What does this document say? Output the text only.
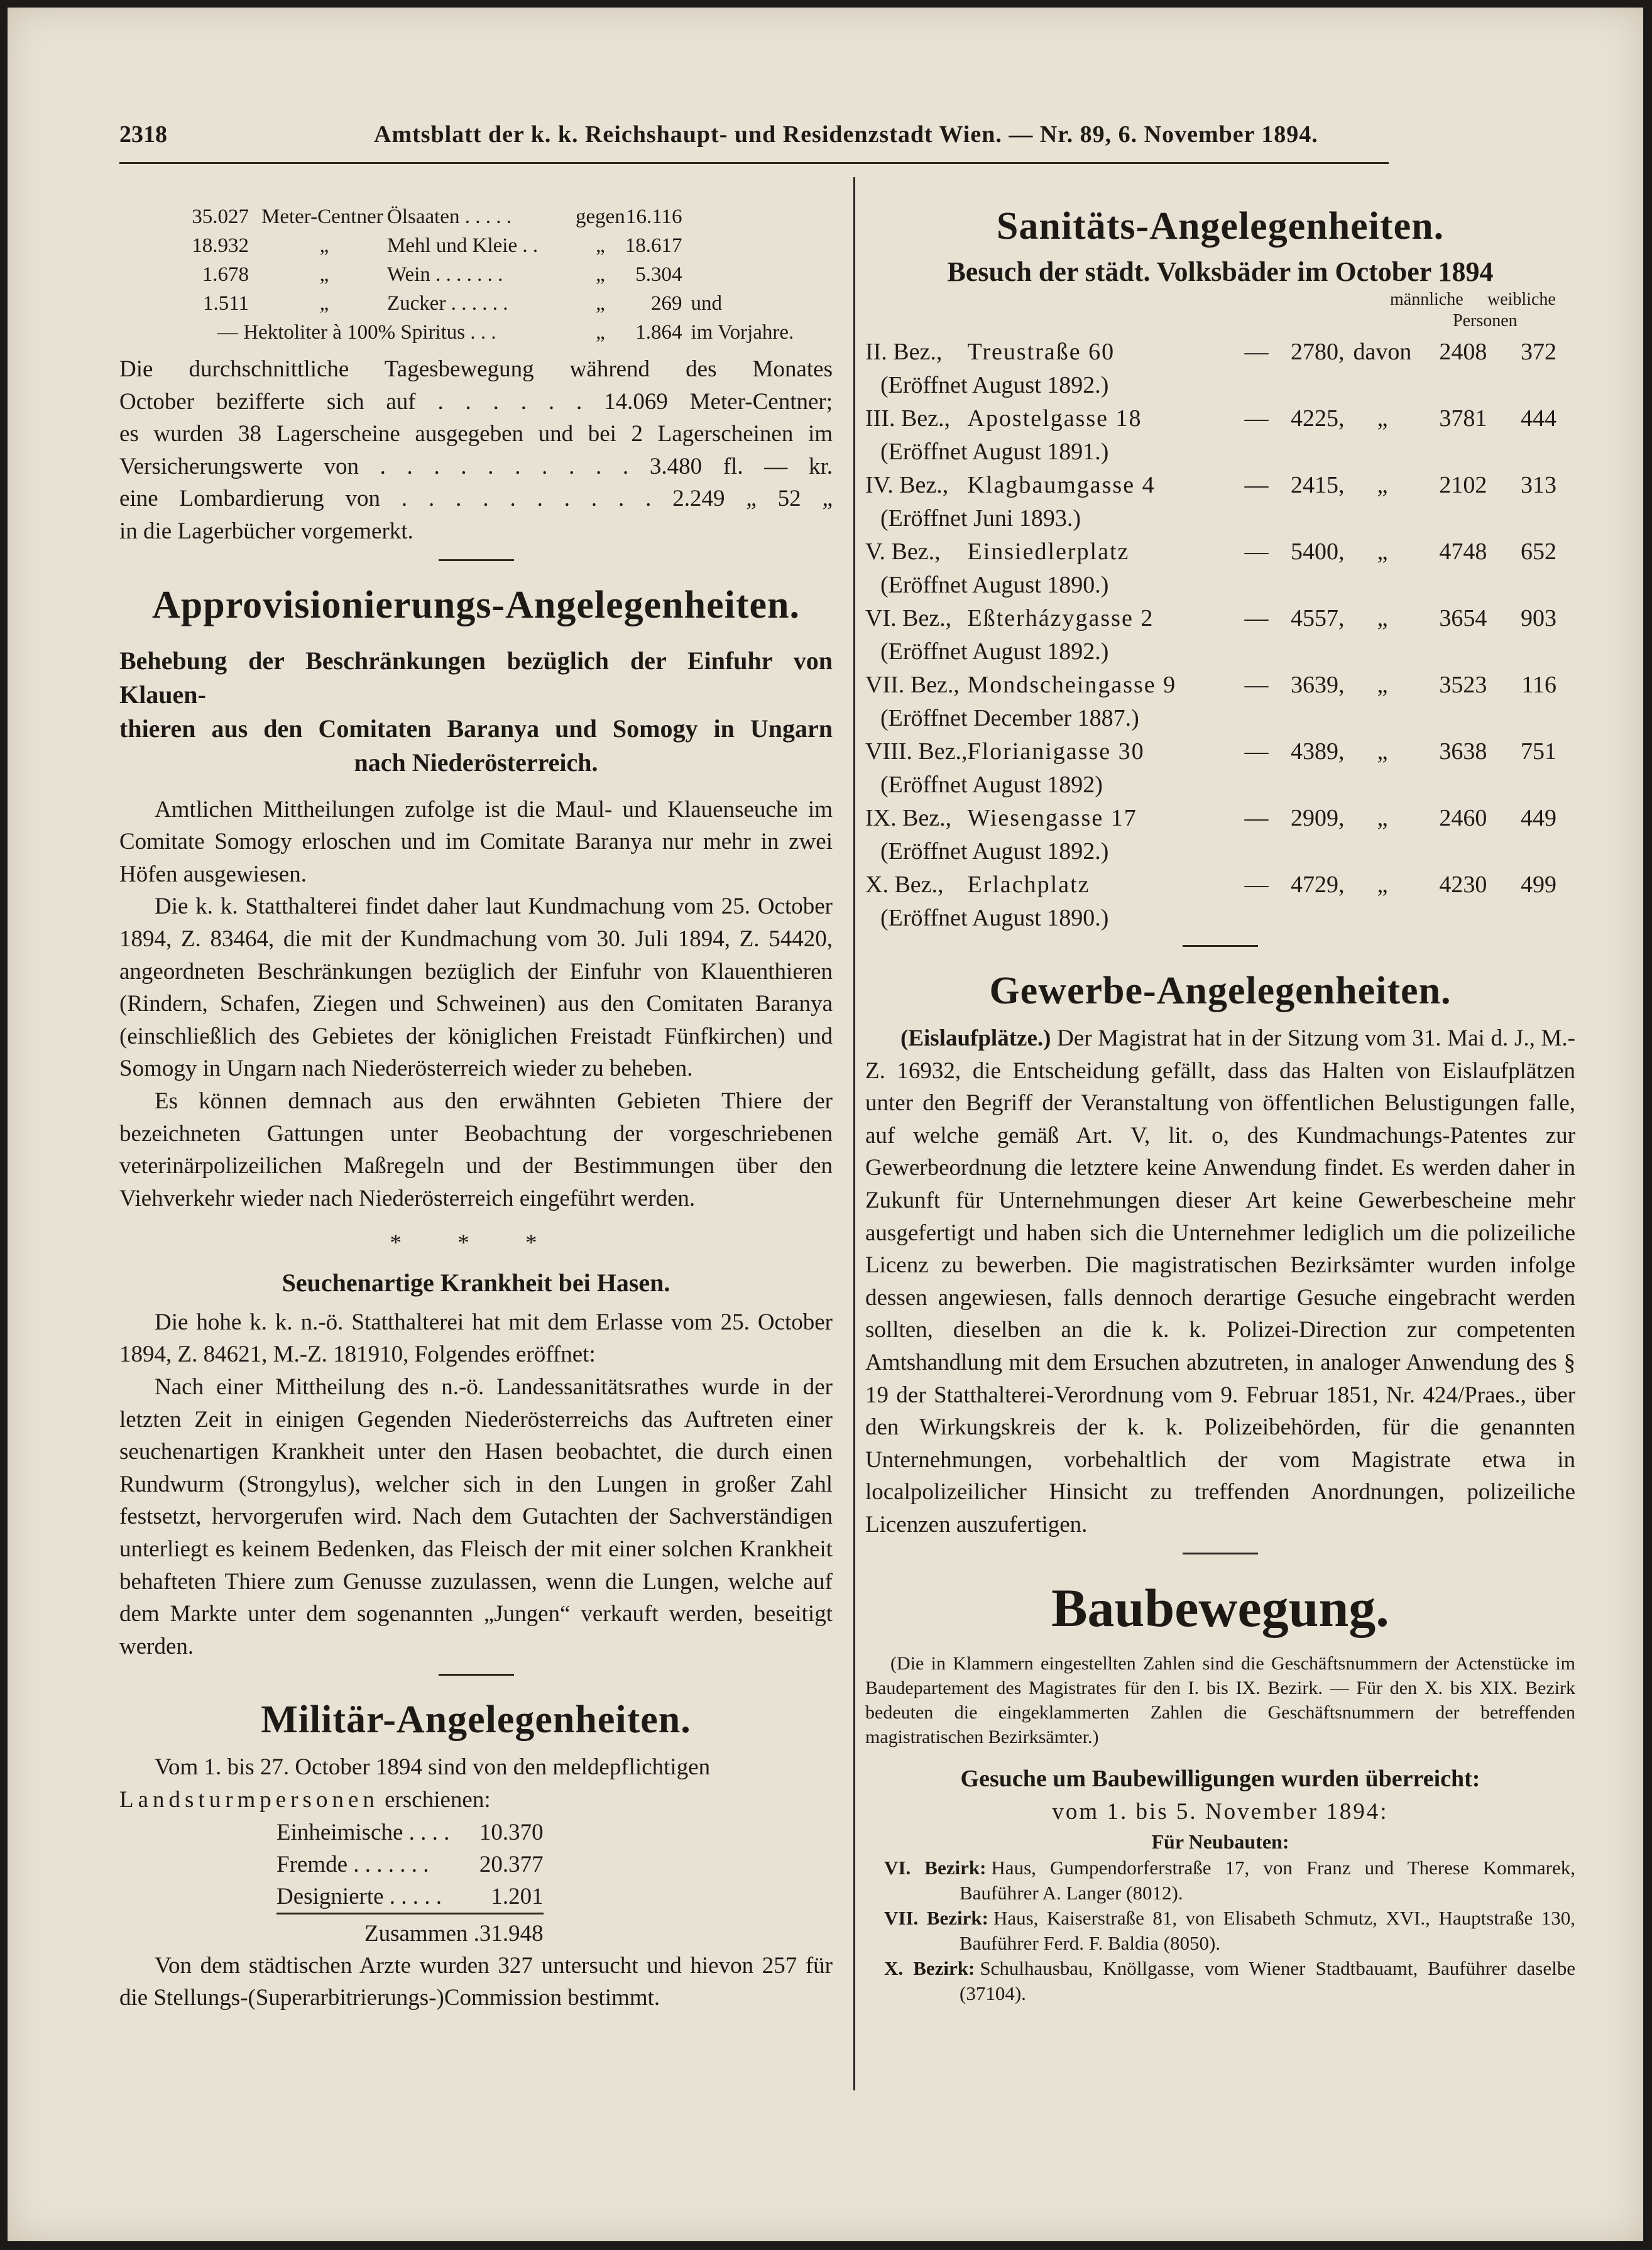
2318	Amtsblatt der k. k. Reichshaupt- und Residenzstadt Wien. — Nr. 89, 6. November 1894.
35.027	Meter-Centner	Ölsaaten . . . . .	gegen	16.116	
18.932	„	Mehl und Kleie . .	„	18.617	
1.678	„	Wein . . . . . . .	„	5.304	
1.511	„	Zucker . . . . . .	„	269	und
— Hektoliter à 100% Spiritus . . .			„	1.864	im Vorjahre.
Die durchschnittliche Tagesbewegung während des Monates
October bezifferte sich auf . . . . . . 14.069 Meter-Centner;
es wurden 38 Lagerscheine ausgegeben und bei 2 Lagerscheinen im
Versicherungswerte von . . . . . . . . . . 3.480 fl. — kr.
eine Lombardierung von . . . . . . . . . . 2.249 „ 52 „
in die Lagerbücher vorgemerkt.
Approvisionierungs-Angelegenheiten.
Behebung der Beschränkungen bezüglich der Einfuhr von Klauen-
thieren aus den Comitaten Baranya und Somogy in Ungarn
nach Niederösterreich.
Amtlichen Mittheilungen zufolge ist die Maul- und Klauenseuche im Comitate Somogy erloschen und im Comitate Baranya nur mehr in zwei Höfen ausgewiesen.
Die k. k. Statthalterei findet daher laut Kundmachung vom 25. October 1894, Z. 83464, die mit der Kundmachung vom 30. Juli 1894, Z. 54420, angeordneten Beschränkungen bezüglich der Einfuhr von Klauenthieren (Rindern, Schafen, Ziegen und Schweinen) aus den Comitaten Baranya (einschließlich des Gebietes der königlichen Freistadt Fünfkirchen) und Somogy in Ungarn nach Niederösterreich wieder zu beheben.
Es können demnach aus den erwähnten Gebieten Thiere der bezeichneten Gattungen unter Beobachtung der vorgeschriebenen veterinärpolizeilichen Maßregeln und der Bestimmungen über den Viehverkehr wieder nach Niederösterreich eingeführt werden.
* * *
Seuchenartige Krankheit bei Hasen.
Die hohe k. k. n.-ö. Statthalterei hat mit dem Erlasse vom 25. October 1894, Z. 84621, M.-Z. 181910, Folgendes eröffnet:
Nach einer Mittheilung des n.-ö. Landessanitätsrathes wurde in der letzten Zeit in einigen Gegenden Niederösterreichs das Auftreten einer seuchenartigen Krankheit unter den Hasen beobachtet, die durch einen Rundwurm (Strongylus), welcher sich in den Lungen in großer Zahl festsetzt, hervorgerufen wird. Nach dem Gutachten der Sachverständigen unterliegt es keinem Bedenken, das Fleisch der mit einer solchen Krankheit behafteten Thiere zum Genusse zuzulassen, wenn die Lungen, welche auf dem Markte unter dem sogenannten „Jungen“ verkauft werden, beseitigt werden.
Militär-Angelegenheiten.
Vom 1. bis 27. October 1894 sind von den meldepflichtigen
Landsturmpersonen erschienen:
Einheimische . . . .	10.370
Fremde . . . . . . .	20.377
Designierte . . . . .	1.201

Zusammen .	31.948
Von dem städtischen Arzte wurden 327 untersucht und hievon 257 für die Stellungs-(Superarbitrierungs-)Commission bestimmt.
Sanitäts-Angelegenheiten.
Besuch der städt. Volksbäder im October 1894
männliche weibliche
Personen
II. Bez.,	Treustraße 60	—	2780,	davon	2408	372
(Eröffnet August 1892.)						
III. Bez.,	Apostelgasse 18	—	4225,	„	3781	444
(Eröffnet August 1891.)						
IV. Bez.,	Klagbaumgasse 4	—	2415,	„	2102	313
(Eröffnet Juni 1893.)						
V. Bez.,	Einsiedlerplatz	—	5400,	„	4748	652
(Eröffnet August 1890.)						
VI. Bez.,	Eßterházygasse 2	—	4557,	„	3654	903
(Eröffnet August 1892.)						
VII. Bez.,	Mondscheingasse 9	—	3639,	„	3523	116
(Eröffnet December 1887.)						
VIII. Bez.,	Florianigasse 30	—	4389,	„	3638	751
(Eröffnet August 1892)						
IX. Bez.,	Wiesengasse 17	—	2909,	„	2460	449
(Eröffnet August 1892.)						
X. Bez.,	Erlachplatz	—	4729,	„	4230	499
(Eröffnet August 1890.)						
Gewerbe-Angelegenheiten.
(Eislaufplätze.) Der Magistrat hat in der Sitzung vom 31. Mai d. J., M.-Z. 16932, die Entscheidung gefällt, dass das Halten von Eislaufplätzen unter den Begriff der Veranstaltung von öffentlichen Belustigungen falle, auf welche gemäß Art. V, lit. o, des Kundmachungs-Patentes zur Gewerbeordnung die letztere keine Anwendung findet. Es werden daher in Zukunft für Unternehmungen dieser Art keine Gewerbescheine mehr ausgefertigt und haben sich die Unternehmer lediglich um die polizeiliche Licenz zu bewerben. Die magistratischen Bezirksämter wurden infolge dessen angewiesen, falls dennoch derartige Gesuche eingebracht werden sollten, dieselben an die k. k. Polizei-Direction zur competenten Amtshandlung mit dem Ersuchen abzutreten, in analoger Anwendung des § 19 der Statthalterei-Verordnung vom 9. Februar 1851, Nr. 424/Praes., über den Wirkungskreis der k. k. Polizeibehörden, für die genannten Unternehmungen, vorbehaltlich der vom Magistrate etwa in localpolizeilicher Hinsicht zu treffenden Anordnungen, polizeiliche Licenzen auszufertigen.
Baubewegung.
(Die in Klammern eingestellten Zahlen sind die Geschäftsnummern der Actenstücke im Baudepartement des Magistrates für den I. bis IX. Bezirk. — Für den X. bis XIX. Bezirk bedeuten die eingeklammerten Zahlen die Geschäftsnummern der betreffenden magistratischen Bezirksämter.)
Gesuche um Baubewilligungen wurden überreicht:
vom 1. bis 5. November 1894:
Für Neubauten:
VI. Bezirk: Haus, Gumpendorferstraße 17, von Franz und Therese Kommarek, Bauführer A. Langer (8012).
VII. Bezirk: Haus, Kaiserstraße 81, von Elisabeth Schmutz, XVI., Hauptstraße 130, Bauführer Ferd. F. Baldia (8050).
X. Bezirk: Schulhausbau, Knöllgasse, vom Wiener Stadtbauamt, Bauführer daselbe (37104).
